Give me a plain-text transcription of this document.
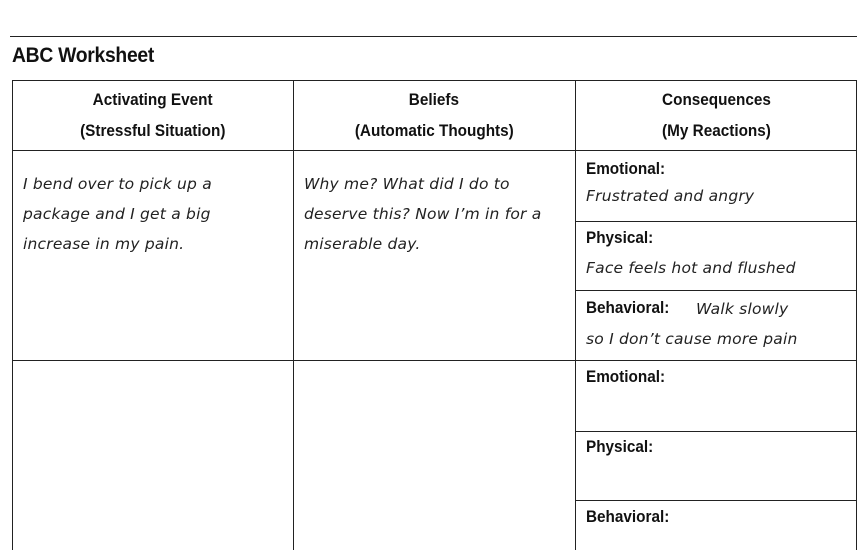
ABC Worksheet
Activating Event
(Stressful Situation)
Beliefs
(Automatic Thoughts)
Consequences
(My Reactions)
I bend over to pick up a
package and I get a big
increase in my pain.
Why me? What did I do to
deserve this? Now I’m in for a
miserable day.
Emotional:
Frustrated and angry
Physical:
Face feels hot and flushed
Behavioral: Walk slowly
so I don’t cause more pain
Emotional:
Physical:
Behavioral:
